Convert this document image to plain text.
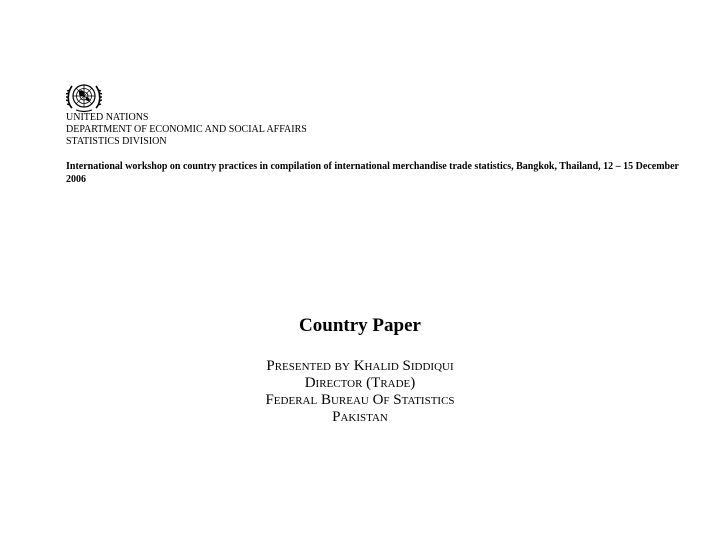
UNITED NATIONS
DEPARTMENT OF ECONOMIC AND SOCIAL AFFAIRS
STATISTICS DIVISION
International workshop on country practices in compilation of international merchandise trade statistics, Bangkok, Thailand, 12 – 15 December 2006
Country Paper
Presented by Khalid Siddiqui
Director (Trade)
Federal Bureau Of Statistics
Pakistan
